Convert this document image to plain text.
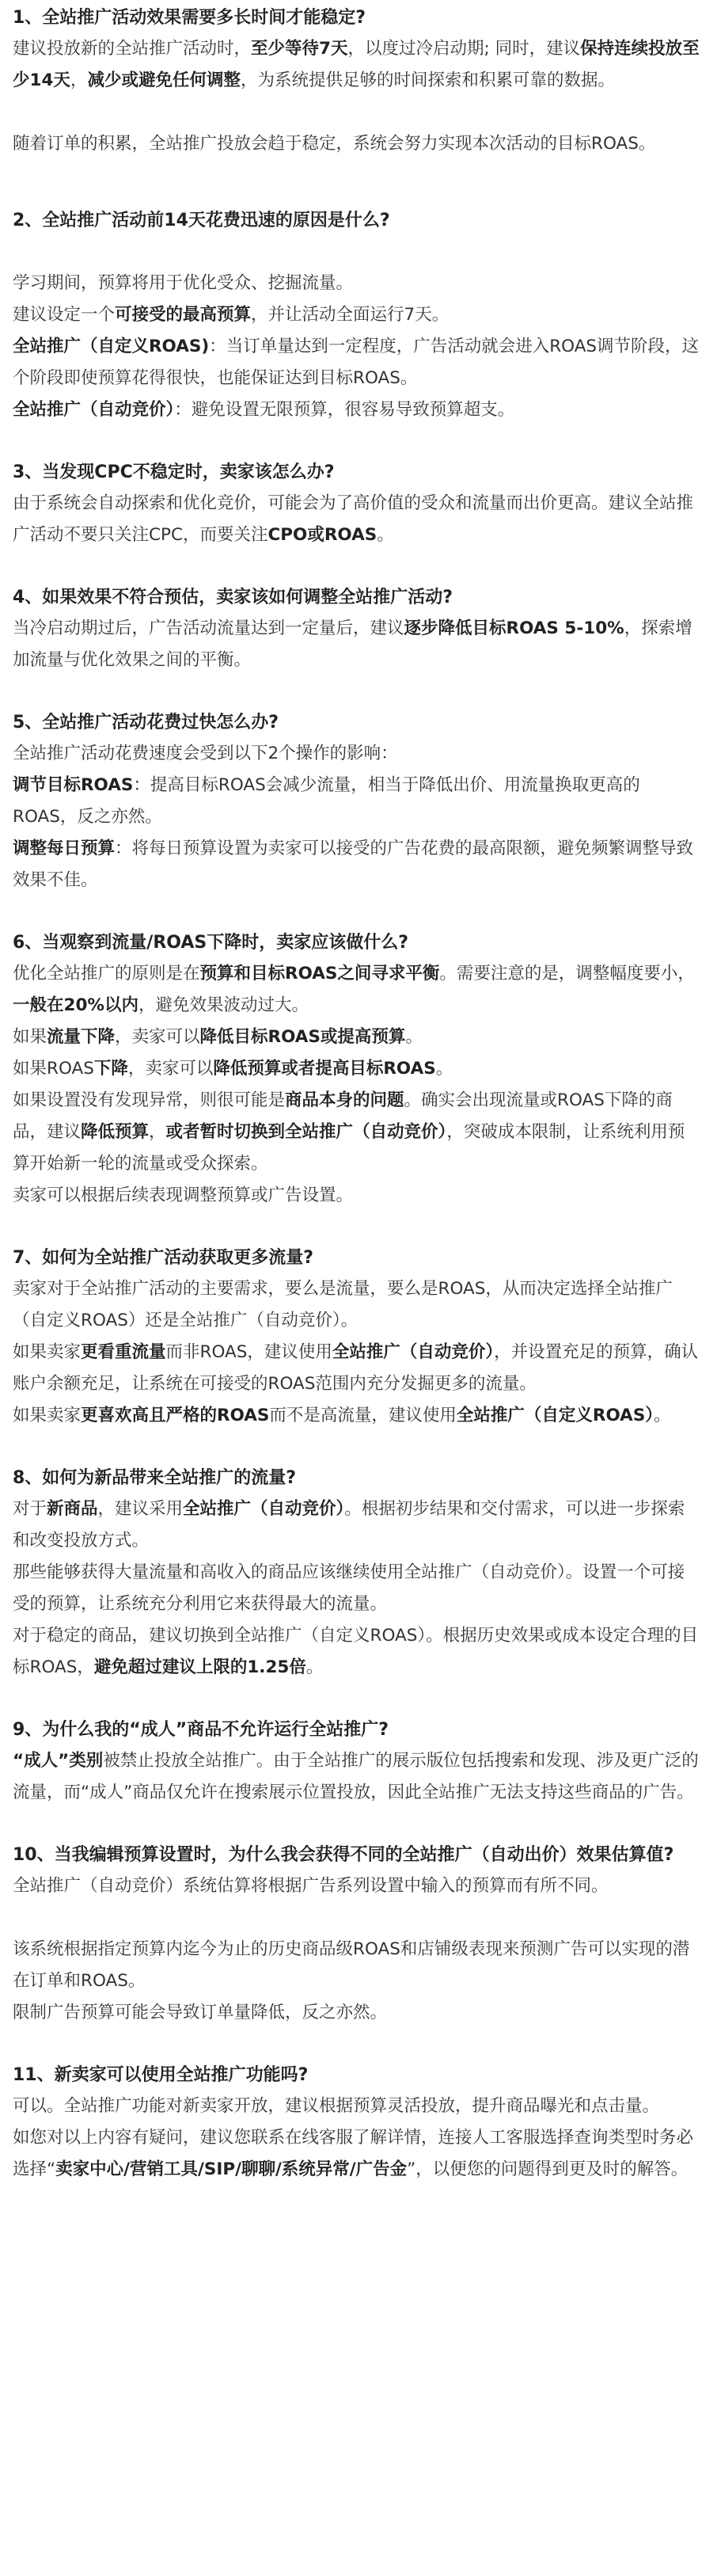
1、全站推广活动效果需要多长时间才能稳定?

建议投放新的全站推广活动时，至少等待7天，以度过冷启动期; 同时，建议保持连续投放至少14天，减少或避免任何调整，为系统提供足够的时间探索和积累可靠的数据。

随着订单的积累，全站推广投放会趋于稳定，系统会努力实现本次活动的目标ROAS。

2、全站推广活动前14天花费迅速的原因是什么?

学习期间，预算将用于优化受众、挖掘流量。

建议设定一个可接受的最高预算，并让活动全面运行7天。

全站推广（自定义ROAS)：当订单量达到一定程度，广告活动就会进入ROAS调节阶段，这个阶段即使预算花得很快，也能保证达到目标ROAS。

全站推广（自动竞价）：避免设置无限预算，很容易导致预算超支。

3、当发现CPC不稳定时，卖家该怎么办?

由于系统会自动探索和优化竞价，可能会为了高价值的受众和流量而出价更高。建议全站推广活动不要只关注CPC，而要关注CPO或ROAS。

4、如果效果不符合预估，卖家该如何调整全站推广活动?

当冷启动期过后，广告活动流量达到一定量后，建议逐步降低目标ROAS 5-10%，探索增加流量与优化效果之间的平衡。

5、全站推广活动花费过快怎么办?

全站推广活动花费速度会受到以下2个操作的影响：

调节目标ROAS：提高目标ROAS会减少流量，相当于降低出价、用流量换取更高的ROAS，反之亦然。

调整每日预算：将每日预算设置为卖家可以接受的广告花费的最高限额，避免频繁调整导致效果不佳。

6、当观察到流量/ROAS下降时，卖家应该做什么?

优化全站推广的原则是在预算和目标ROAS之间寻求平衡。需要注意的是，调整幅度要小，一般在20%以内，避免效果波动过大。

如果流量下降，卖家可以降低目标ROAS或提高预算。

如果ROAS下降，卖家可以降低预算或者提高目标ROAS。

如果设置没有发现异常，则很可能是商品本身的问题。确实会出现流量或ROAS下降的商品，建议降低预算，或者暂时切换到全站推广（自动竞价），突破成本限制，让系统利用预算开始新一轮的流量或受众探索。

卖家可以根据后续表现调整预算或广告设置。

7、如何为全站推广活动获取更多流量?

卖家对于全站推广活动的主要需求，要么是流量，要么是ROAS，从而决定选择全站推广（自定义ROAS）还是全站推广（自动竞价）。

如果卖家更看重流量而非ROAS，建议使用全站推广（自动竞价），并设置充足的预算，确认账户余额充足，让系统在可接受的ROAS范围内充分发掘更多的流量。

如果卖家更喜欢高且严格的ROAS而不是高流量，建议使用全站推广（自定义ROAS）。

8、如何为新品带来全站推广的流量?

对于新商品，建议采用全站推广（自动竞价）。根据初步结果和交付需求，可以进一步探索和改变投放方式。

那些能够获得大量流量和高收入的商品应该继续使用全站推广（自动竞价）。设置一个可接受的预算，让系统充分利用它来获得最大的流量。

对于稳定的商品，建议切换到全站推广（自定义ROAS）。根据历史效果或成本设定合理的目标ROAS，避免超过建议上限的1.25倍。

9、为什么我的“成人”商品不允许运行全站推广?

“成人”类别被禁止投放全站推广。由于全站推广的展示版位包括搜索和发现、涉及更广泛的流量，而“成人”商品仅允许在搜索展示位置投放，因此全站推广无法支持这些商品的广告。

10、当我编辑预算设置时，为什么我会获得不同的全站推广（自动出价）效果估算值?

全站推广（自动竞价）系统估算将根据广告系列设置中输入的预算而有所不同。

该系统根据指定预算内迄今为止的历史商品级ROAS和店铺级表现来预测广告可以实现的潜在订单和ROAS。

限制广告预算可能会导致订单量降低，反之亦然。

11、新卖家可以使用全站推广功能吗?

可以。全站推广功能对新卖家开放，建议根据预算灵活投放，提升商品曝光和点击量。

如您对以上内容有疑问，建议您联系在线客服了解详情，连接人工客服选择查询类型时务必选择“卖家中心/营销工具/SIP/聊聊/系统异常/广告金”，以便您的问题得到更及时的解答。
